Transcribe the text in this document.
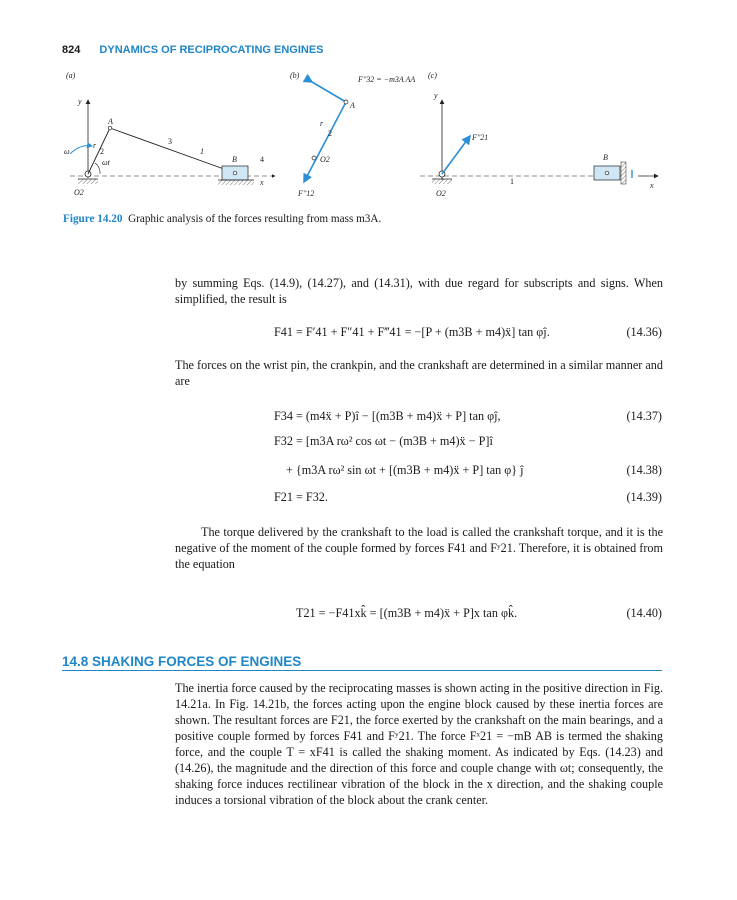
824 DYNAMICS OF RECIPROCATING ENGINES
(a)	(b)	(c)
y
A
3
ω
r
2
ωt
1
B	4
x
O2
F''32 = −m3A AA
A
r
2
O2
F''12
y
F''21
B
1	x
O2
Figure 14.20 Graphic analysis of the forces resulting from mass m3A.

by summing Eqs. (14.9), (14.27), and (14.31), with due regard for subscripts and signs. When simplified, the result is

F41 = F′41 + F″41 + F‴41 = −[P + (m3B + m4)ẍ] tan φĵ.	(14.36)

The forces on the wrist pin, the crankpin, and the crankshaft are determined in a similar manner and are

F34 = (m4ẍ + P)î − [(m3B + m4)ẍ + P] tan φĵ,	(14.37)
F32 = [m3A rω² cos ωt − (m3B + m4)ẍ − P]î
+ {m3A rω² sin ωt + [(m3B + m4)ẍ + P] tan φ} ĵ	(14.38)
F21 = F32.	(14.39)

The torque delivered by the crankshaft to the load is called the crankshaft torque, and it is the negative of the moment of the couple formed by forces F41 and Fʸ21. Therefore, it is obtained from the equation

T21 = −F41xk̂ = [(m3B + m4)ẍ + P]x tan φk̂.	(14.40)
14.8 SHAKING FORCES OF ENGINES

The inertia force caused by the reciprocating masses is shown acting in the positive direction in Fig. 14.21a. In Fig. 14.21b, the forces acting upon the engine block caused by these inertia forces are shown. The resultant forces are F21, the force exerted by the crankshaft on the main bearings, and a positive couple formed by forces F41 and Fʸ21. The force Fˣ21 = −mB AB is termed the shaking force, and the couple T = xF41 is called the shaking moment. As indicated by Eqs. (14.23) and (14.26), the magnitude and the direction of this force and couple change with ωt; consequently, the shaking force induces rectilinear vibration of the block in the x direction, and the shaking couple induces a torsional vibration of the block about the crank center.
